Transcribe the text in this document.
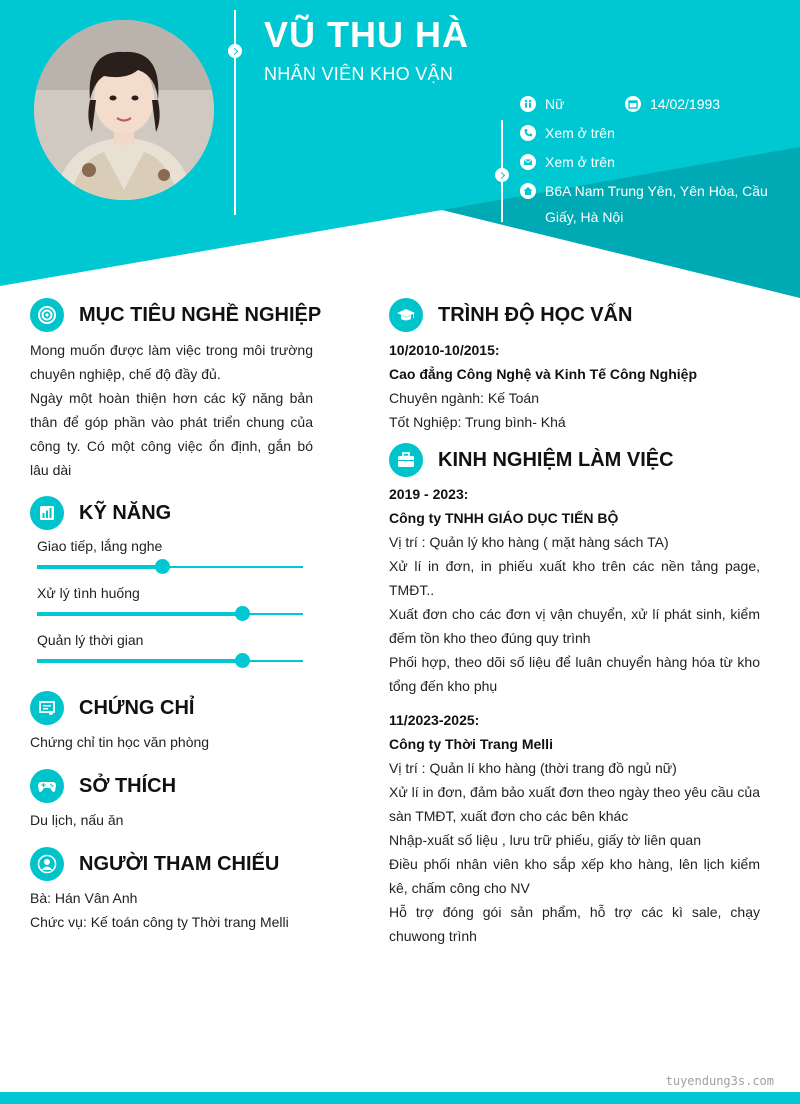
VŨ THU HÀ
NHÂN VIÊN KHO VẬN
Nữ	14/02/1993
Xem ở trên
Xem ở trên
B6A Nam Trung Yên, Yên Hòa, Cầu
Giấy, Hà Nội
MỤC TIÊU NGHỀ NGHIỆP

Mong muốn được làm việc trong môi trường chuyên nghiệp, chế độ đầy đủ.

Ngày một hoàn thiện hơn các kỹ năng bản thân để góp phần vào phát triển chung của công ty. Có một công việc ổn định, gắn bó lâu dài

KỸ NĂNG
Giao tiếp, lắng nghe
Xử lý tình huống
Quản lý thời gian
CHỨNG CHỈ
Chứng chỉ tin học văn phòng
SỞ THÍCH
Du lịch, nấu ăn
NGƯỜI THAM CHIẾU

Bà: Hán Vân Anh

Chức vụ: Kế toán công ty Thời trang Melli

TRÌNH ĐỘ HỌC VẤN

10/2010-10/2015:

Cao đẳng Công Nghệ và Kinh Tế Công Nghiệp

Chuyên ngành: Kế Toán

Tốt Nghiệp: Trung bình- Khá

KINH NGHIỆM LÀM VIỆC

2019 - 2023:

Công ty TNHH GIÁO DỤC TIẾN BỘ

Vị trí : Quản lý kho hàng ( mặt hàng sách TA)

Xử lí in đơn, in phiếu xuất kho trên các nền tảng page, TMĐT..

Xuất đơn cho các đơn vị vận chuyển, xử lí phát sinh, kiểm đếm tồn kho theo đúng quy trình

Phối hợp, theo dõi số liệu để luân chuyển hàng hóa từ kho tổng đến kho phụ

11/2023-2025:

Công ty Thời Trang Melli

Vị trí : Quản lí kho hàng (thời trang đồ ngủ nữ)

Xử lí in đơn, đảm bảo xuất đơn theo ngày theo yêu cầu của sàn TMĐT, xuất đơn cho các bên khác

Nhập-xuất số liệu , lưu trữ phiếu, giấy tờ liên quan

Điều phối nhân viên kho sắp xếp kho hàng, lên lịch kiểm kê, chấm công cho NV

Hỗ trợ đóng gói sản phẩm, hỗ trợ các kì sale, chạy chuwong trình

tuyendung3s.com
